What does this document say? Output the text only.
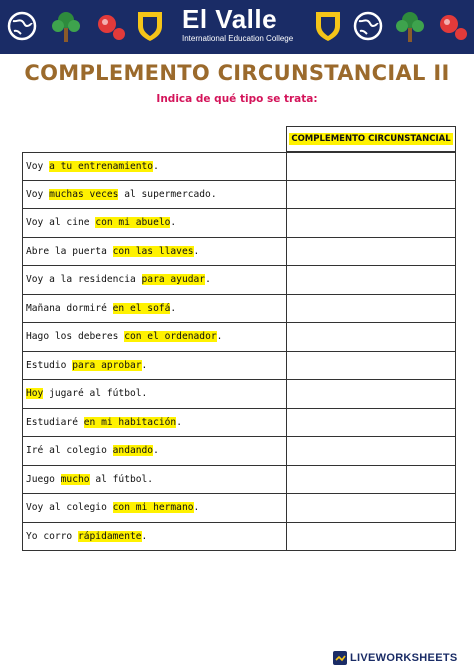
El Valle
International Education College
COMPLEMENTO CIRCUNSTANCIAL II
Indica de qué tipo se trata:
COMPLEMENTO CIRCUNSTANCIAL
Voy a tu entrenamiento .
Voy muchas veces al supermercado.
Voy al cine con mi abuelo .
Abre la puerta con las llaves .
Voy a la residencia para ayudar .
Mañana dormiré en el sofá .
Hago los deberes con el ordenador .
Estudio para aprobar .
Hoy jugaré al fútbol.
Estudiaré en mi habitación .
Iré al colegio andando .
Juego mucho al fútbol.
Voy al colegio con mi hermano .
Yo corro rápidamente .
LIVEWORKSHEETS
